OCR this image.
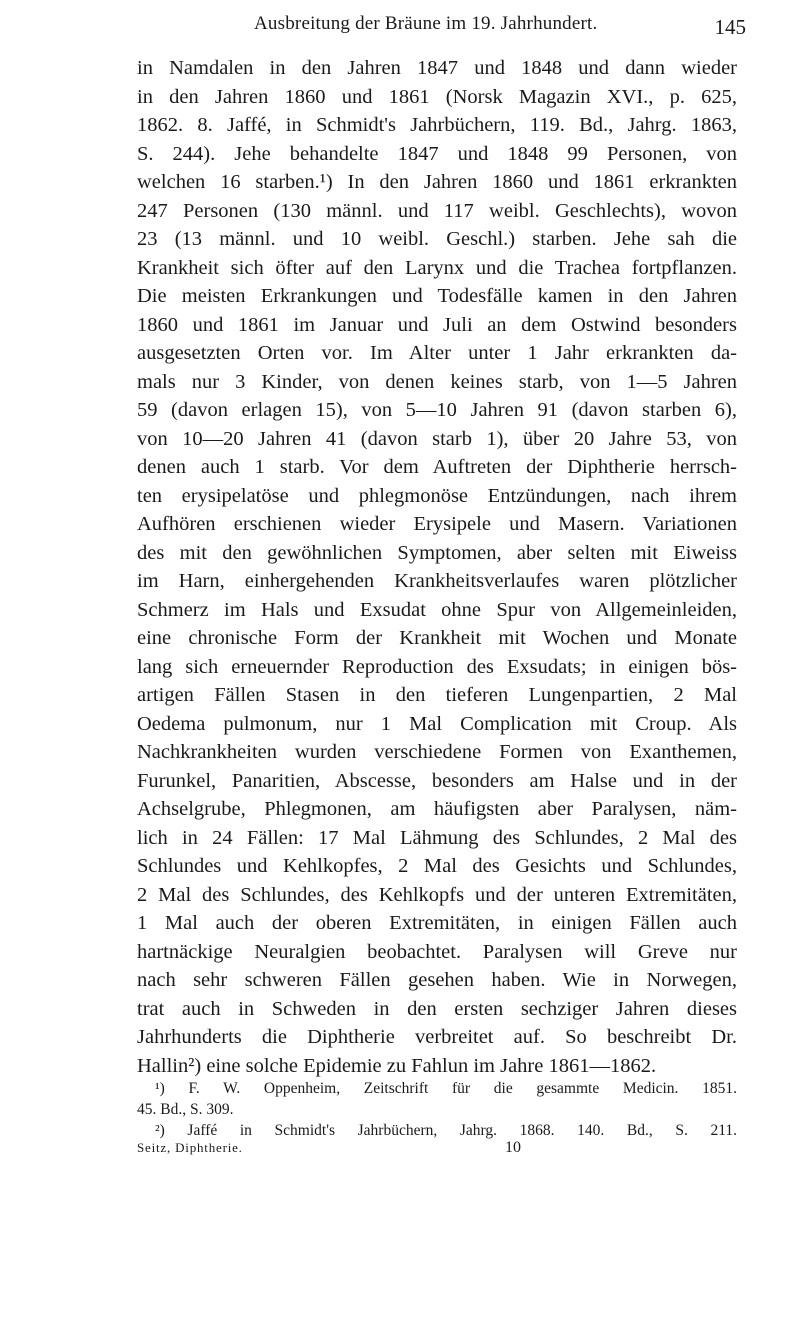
Ausbreitung der Bräune im 19. Jahrhundert.	145
in Namdalen in den Jahren 1847 und 1848 und dann wieder
in den Jahren 1860 und 1861 (Norsk Magazin XVI., p. 625,
1862. 8. Jaffé, in Schmidt's Jahrbüchern, 119. Bd., Jahrg. 1863,
S. 244). Jehe behandelte 1847 und 1848 99 Personen, von
welchen 16 starben.¹) In den Jahren 1860 und 1861 erkrankten
247 Personen (130 männl. und 117 weibl. Geschlechts), wovon
23 (13 männl. und 10 weibl. Geschl.) starben. Jehe sah die
Krankheit sich öfter auf den Larynx und die Trachea fortpflanzen.
Die meisten Erkrankungen und Todesfälle kamen in den Jahren
1860 und 1861 im Januar und Juli an dem Ostwind besonders
ausgesetzten Orten vor. Im Alter unter 1 Jahr erkrankten da-
mals nur 3 Kinder, von denen keines starb, von 1—5 Jahren
59 (davon erlagen 15), von 5—10 Jahren 91 (davon starben 6),
von 10—20 Jahren 41 (davon starb 1), über 20 Jahre 53, von
denen auch 1 starb. Vor dem Auftreten der Diphtherie herrsch-
ten erysipelatöse und phlegmonöse Entzündungen, nach ihrem
Aufhören erschienen wieder Erysipele und Masern. Variationen
des mit den gewöhnlichen Symptomen, aber selten mit Eiweiss
im Harn, einhergehenden Krankheitsverlaufes waren plötzlicher
Schmerz im Hals und Exsudat ohne Spur von Allgemeinleiden,
eine chronische Form der Krankheit mit Wochen und Monate
lang sich erneuernder Reproduction des Exsudats; in einigen bös-
artigen Fällen Stasen in den tieferen Lungenpartien, 2 Mal
Oedema pulmonum, nur 1 Mal Complication mit Croup. Als
Nachkrankheiten wurden verschiedene Formen von Exanthemen,
Furunkel, Panaritien, Abscesse, besonders am Halse und in der
Achselgrube, Phlegmonen, am häufigsten aber Paralysen, näm-
lich in 24 Fällen: 17 Mal Lähmung des Schlundes, 2 Mal des
Schlundes und Kehlkopfes, 2 Mal des Gesichts und Schlundes,
2 Mal des Schlundes, des Kehlkopfs und der unteren Extremitäten,
1 Mal auch der oberen Extremitäten, in einigen Fällen auch
hartnäckige Neuralgien beobachtet. Paralysen will Greve nur
nach sehr schweren Fällen gesehen haben. Wie in Norwegen,
trat auch in Schweden in den ersten sechziger Jahren dieses
Jahrhunderts die Diphtherie verbreitet auf. So beschreibt Dr.
Hallin²) eine solche Epidemie zu Fahlun im Jahre 1861—1862.
¹) F. W. Oppenheim, Zeitschrift für die gesammte Medicin. 1851.
45. Bd., S. 309.
²) Jaffé in Schmidt's Jahrbüchern, Jahrg. 1868. 140. Bd., S. 211.
Seitz, Diphtherie.	10
